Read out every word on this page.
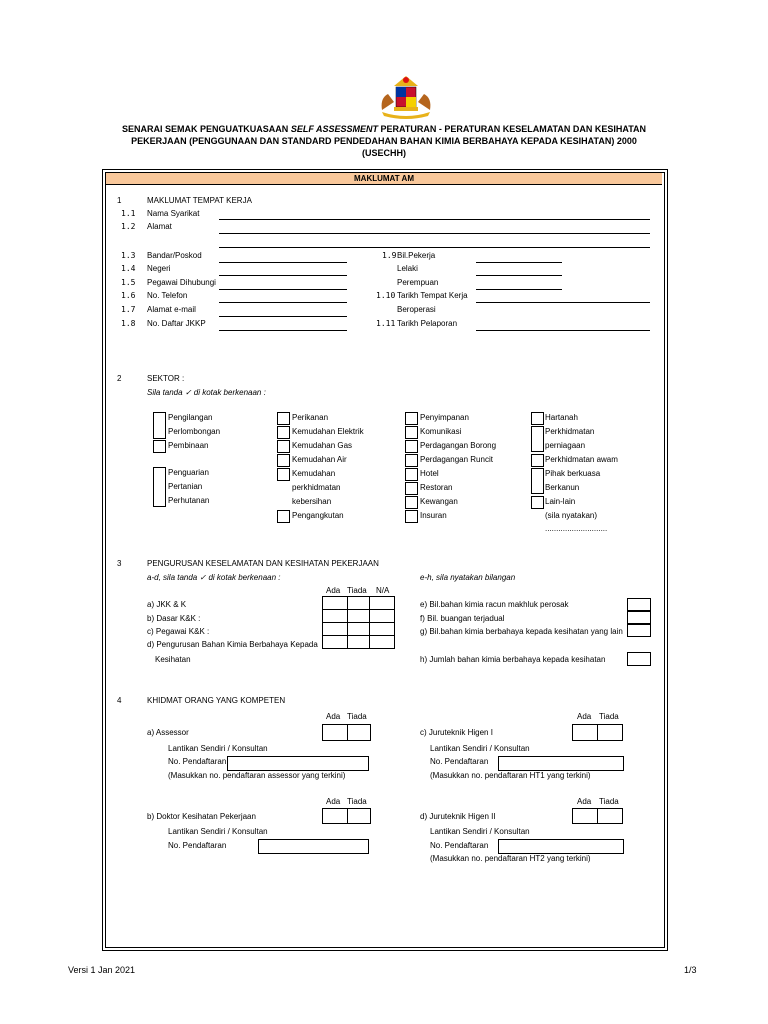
SENARAI SEMAK PENGUATKUASAAN SELF ASSESSMENT PERATURAN - PERATURAN KESELAMATAN DAN KESIHATAN
PEKERJAAN (PENGGUNAAN DAN STANDARD PENDEDAHAN BAHAN KIMIA BERBAHAYA KEPADA KESIHATAN) 2000
(USECHH)
MAKLUMAT AM
1	MAKLUMAT TEMPAT KERJA
1.1 Nama Syarikat
1.2 Alamat
1.3 Bandar/Poskod
1.4 Negeri
1.5 Pegawai Dihubungi
1.6 No. Telefon
1.7 Alamat e-mail
1.8 No. Daftar JKKP
1.9 Bil.Pekerja
Lelaki
Perempuan
1.10 Tarikh Tempat Kerja
Beroperasi
1.11 Tarikh Pelaporan
2	SEKTOR :
Sila tanda ✓ di kotak berkenaan :
Pengilangan
Perlombongan
Pembinaan
Penguarian
Pertanian
Perhutanan
Perikanan
Kemudahan Elektrik
Kemudahan Gas
Kemudahan Air
Kemudahan
perkhidmatan
kebersihan
Pengangkutan
Penyimpanan
Komunikasi
Perdagangan Borong
Perdagangan Runcit
Hotel
Restoran
Kewangan
Insuran
Hartanah
Perkhidmatan
perniagaan
Perkhidmatan awam
Pihak berkuasa
Berkanun
Lain-lain
(sila nyatakan)
............................
3	PENGURUSAN KESELAMATAN DAN KESIHATAN PEKERJAAN
a-d, sila tanda ✓ di kotak berkenaan :	e-h, sila nyatakan bilangan
Ada Tiada N/A

a) JKK & K
b) Dasar K&K :
c) Pegawai K&K :
d) Pengurusan Bahan Kimia Berbahaya Kepada
Kesihatan
e) Bil.bahan kimia racun makhluk perosak
f) Bil. buangan terjadual
g) Bil.bahan kimia berbahaya kepada kesihatan yang lain
h) Jumlah bahan kimia berbahaya kepada kesihatan
4	KHIDMAT ORANG YANG KOMPETEN
Ada Tiada

a) Assessor
Lantikan Sendiri / Konsultan
No. Pendaftaran
(Masukkan no. pendaftaran assessor yang terkini)
Ada Tiada

c) Juruteknik Higen I
Lantikan Sendiri / Konsultan
No. Pendaftaran
(Masukkan no. pendaftaran HT1 yang terkini)
Ada Tiada

b) Doktor Kesihatan Pekerjaan
Lantikan Sendiri / Konsultan
No. Pendaftaran
Ada Tiada

d) Juruteknik Higen II
Lantikan Sendiri / Konsultan
No. Pendaftaran
(Masukkan no. pendaftaran HT2 yang terkini)
Versi 1 Jan 2021	1/3
